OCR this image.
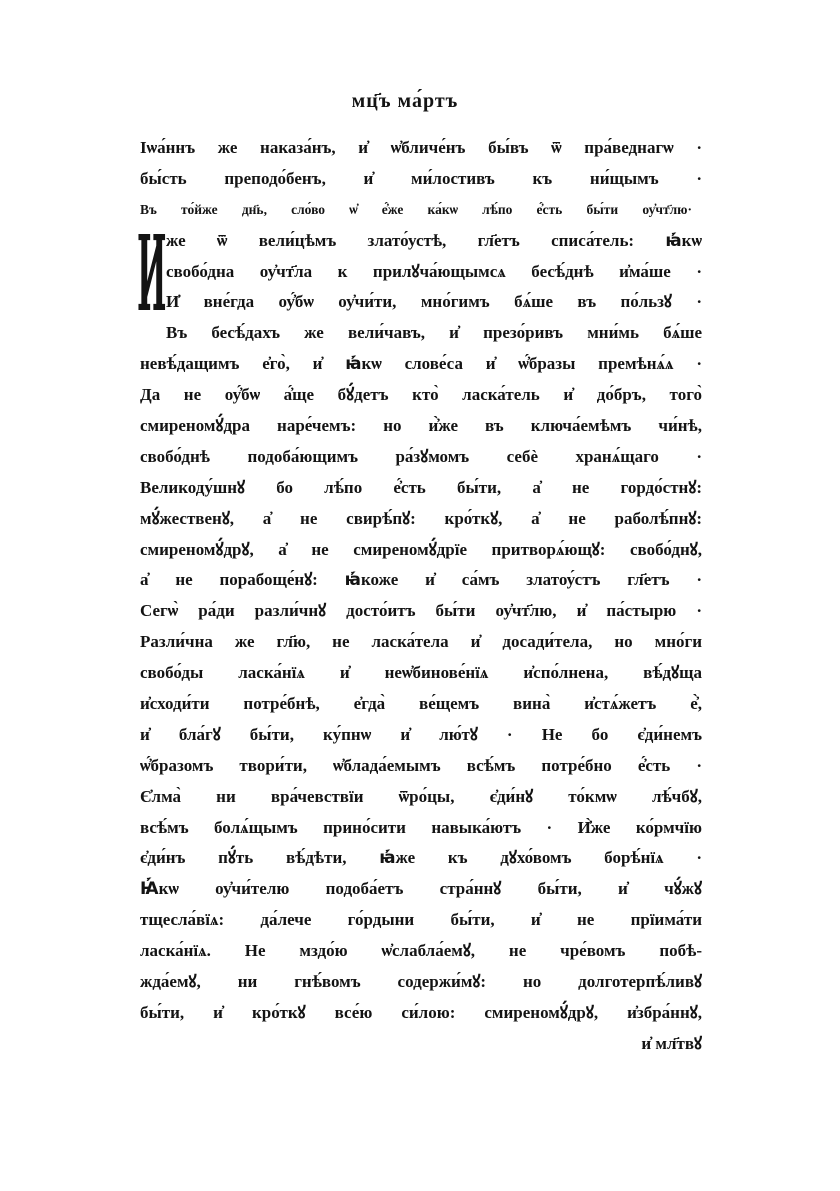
мц҃ъ ма́ртъ
И
Іѡа́ннъ же наказа́нъ, и҆ ѡ҆бличе́нъ бы́въ ѿ пра́веднагѡ ·
бы́сть преподо́бенъ, и҆ ми́лостивъ къ ни́щымъ ·
Въ то́йже дн҃ь, сло́во ѡ҆ е҆́же ка́кѡ лѣ́по е҆́сть бы́ти оу҆чт҃лю·
же ѿ вели́цѣмъ злато́устѣ, гл҃етъ списа́тель: ꙗ҆́кѡ
свобо́дна оу҆чт҃ла к прилꙋча́ющымсѧ бесѣ́днѣ и҆ма́ше ·
И҆ вне́гда оу҆́бѡ оу҆чи́ти, мно́гимъ бѧ́ше въ по́льзꙋ ·
Въ бесѣ́дахъ же вели́чавъ, и҆ презо́ривъ мни́мь бѧ́ше
невѣ́дащимъ е҆го̀, и҆ ꙗ҆́кѡ слове́са и҆ ѡ҆́бразы премѣнѧ́ѧ ·
Да не оу҆́бѡ а҆́ще бꙋ́детъ кто̀ ласка́тель и҆ до́бръ, того̀
смиреномꙋ́дра наре́чемъ: но и҆̀же въ ключа́емѣмъ чи́нѣ,
свобо́днѣ подоба́ющимъ ра́зꙋмомъ себѐ хранѧ́щаго ·
Великоду́шнꙋ бо лѣ́по е҆́сть бы́ти, а҆ не гордо́стнꙋ:
мꙋ́жественꙋ, а҆ не свирѣ́пꙋ: кро́ткꙋ, а҆ не раболѣ́пнꙋ:
смиреномꙋ́дрꙋ, а҆ не смиреномꙋ́дрїе притворѧ́ющꙋ: свобо́днꙋ,
а҆ не порабоще́нꙋ: ꙗ҆́коже и҆ са́мъ златоу́стъ гл҃етъ ·
Сегѡ̀ ра́ди разли́чнꙋ досто́итъ бы́ти оу҆чт҃лю, и҆ па́стырю ·
Разли́чна же гл҃ю, не ласка́тела и҆ досади́тела, но мно́ги
свобо́ды ласка́нїѧ и҆ неѡ҆бинове́нїѧ и҆спо́лнена, вѣ́дꙋща
и҆сходи́ти потре́бнѣ, е҆гда̀ ве́щемъ вина̀ и҆стѧ́жетъ е҆̀,
и҆ бла́гꙋ бы́ти, ку́пнѡ и҆ лю́тꙋ · Не бо є҆ди́немъ
ѡ҆́бразомъ твори́ти, ѡ҆блада́емымъ всѣ́мъ потре́бно е҆́сть ·
Є҆лма̀ ни вра́чевствїи ѿро́цы, є҆ди́нꙋ то́кмѡ лѣ́чбꙋ,
всѣ́мъ болѧ́щымъ прино́сити навыка́ютъ · И҆̀же ко́рмчїю
є҆ди́нъ пꙋ́ть вѣ́дѣти, ꙗ҆́же къ дꙋхо́вомъ борѣ́нїѧ ·
Ꙗ҆́кѡ оу҆чи́телю подоба́етъ стра́ннꙋ бы́ти, и҆ чꙋ́жꙋ
тщесла́вїѧ: да́лече го́рдыни бы́ти, и҆ не прїима́ти
ласка́нїѧ. Не мздо́ю ѡ҆слабла́емꙋ, не чре́вомъ побѣ-
жда́емꙋ, ни гнѣ́вомъ содержи́мꙋ: но долготерпѣ́ливꙋ
бы́ти, и҆ кро́ткꙋ все́ю си́лою: смиреномꙋ́дрꙋ, и҆збра́ннꙋ,
и҆ мл҃твꙋ
